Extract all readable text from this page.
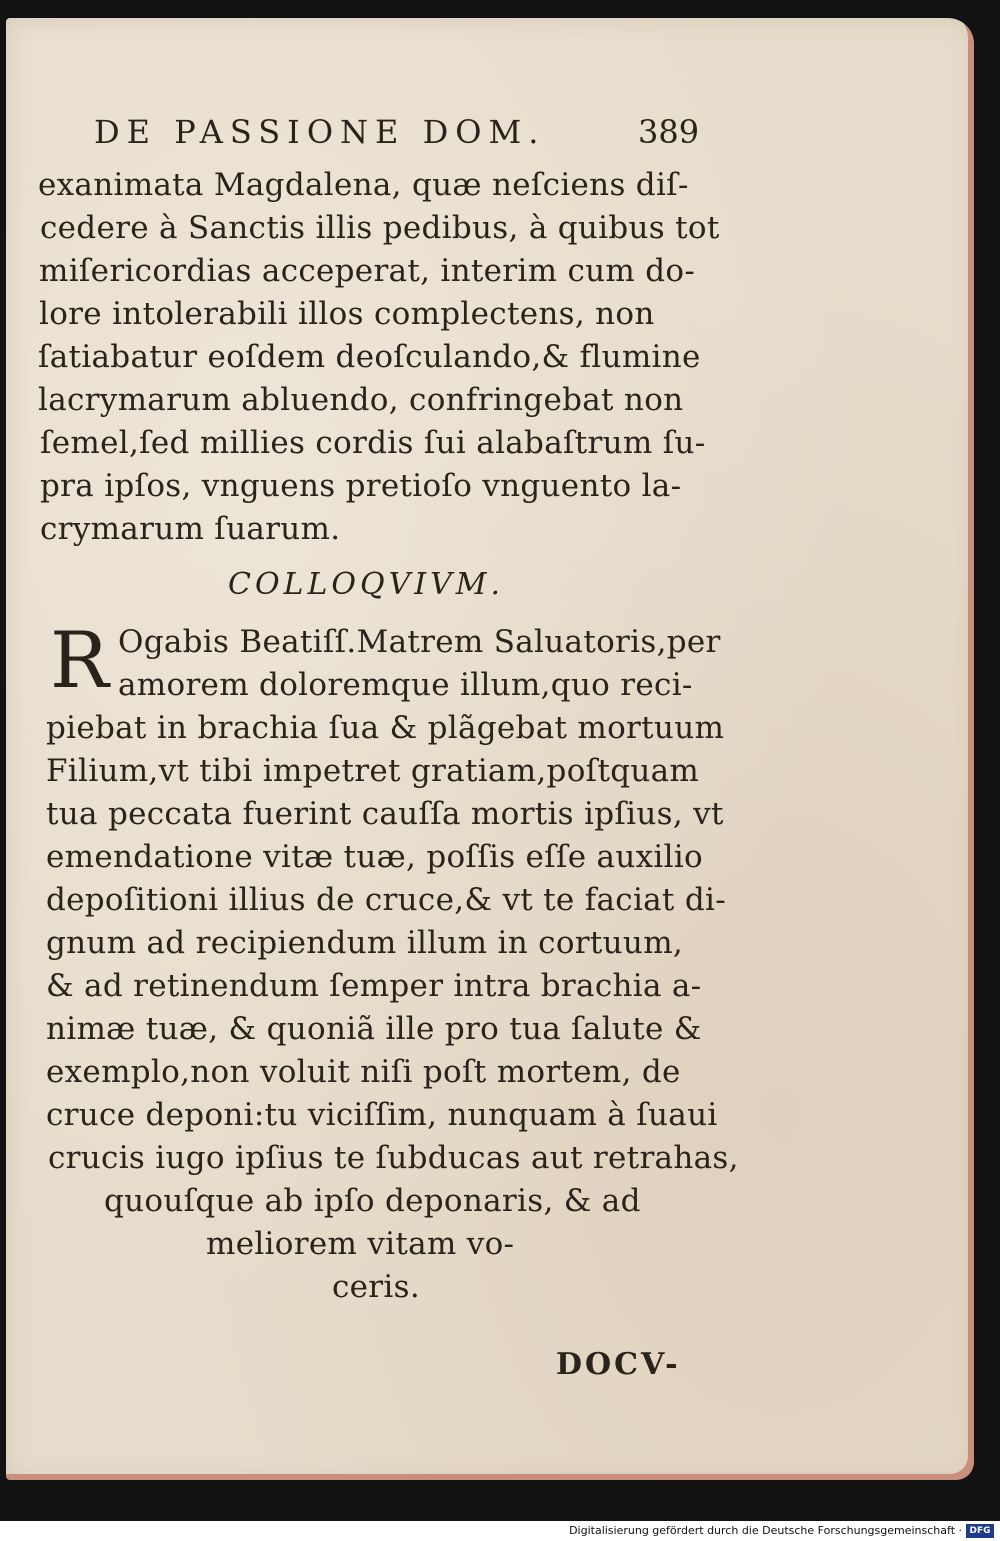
DE PASSIONE DOM.	389
exanimata Magdalena, quæ neſciens diſ-
cedere à Sanctis illis pedibus, à quibus tot
miſericordias acceperat, interim cum do-
lore intolerabili illos complectens, non
ſatiabatur eoſdem deoſculando,& flumine
lacrymarum abluendo, confringebat non
ſemel,ſed millies cordis ſui alabaſtrum ſu-
pra ipſos, vnguens pretioſo vnguento la-
crymarum ſuarum.
COLLOQVIVM.
R Ogabis Beatiſſ.Matrem Saluatoris,per
amorem doloremque illum,quo reci-
piebat in brachia ſua & plãgebat mortuum
Filium,vt tibi impetret gratiam,poſtquam
tua peccata fuerint cauſſa mortis ipſius, vt
emendatione vitæ tuæ, poſſis eſſe auxilio
depoſitioni illius de cruce,& vt te faciat di-
gnum ad recipiendum illum in cortuum,
& ad retinendum ſemper intra brachia a-
nimæ tuæ, & quoniã ille pro tua ſalute &
exemplo,non voluit niſi poſt mortem, de
cruce deponi:tu viciſſim, nunquam à ſuaui
crucis iugo ipſius te ſubducas aut retrahas,
quouſque ab ipſo deponaris, & ad
meliorem vitam vo-
ceris.
DOCV-
Digitalisierung gefördert durch die Deutsche Forschungsgemeinschaft · DFG
